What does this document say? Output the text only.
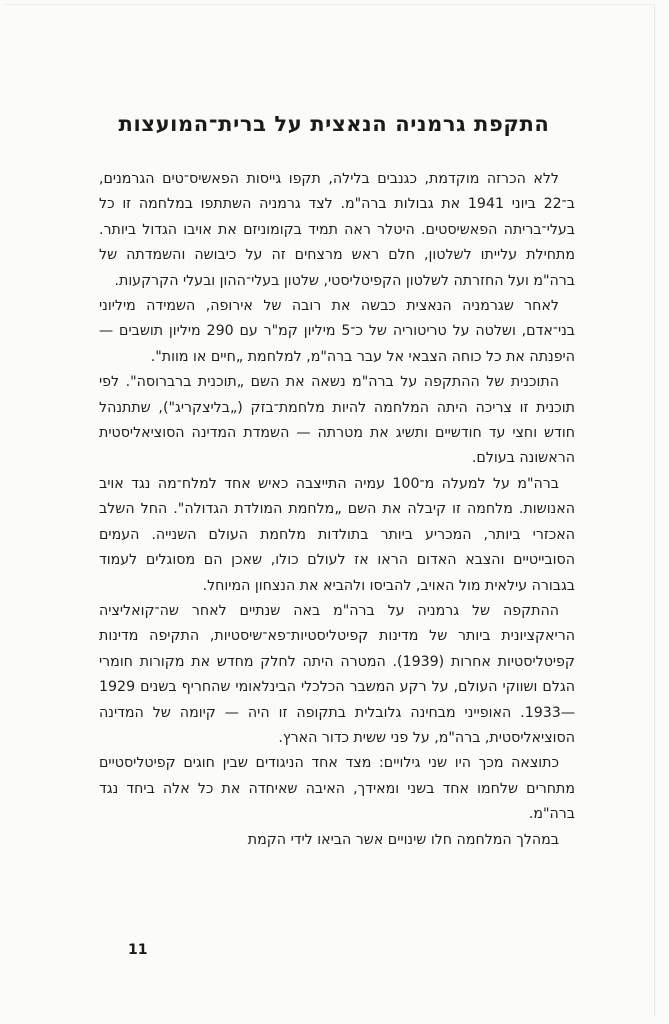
התקפת גרמניה הנאצית על ברית־המועצות

ללא הכרזה מוקדמת, כגנבים בלילה, תקפו גייסות הפאשיס־טים הגרמנים, ב־22 ביוני 1941 את גבולות ברה"מ. לצד גרמניה השתתפו במלחמה זו כל בעלי־בריתה הפאשיסטים. היטלר ראה תמיד בקומוניזם את אויבו הגדול ביותר. מתחילת עלייתו לשלטון, חלם ראש מרצחים זה על כיבושה והשמדתה של ברה"מ ועל החזרתה לשלטון הקפיטליסטי, שלטון בעלי־ההון ובעלי הקרקעות.

לאחר שגרמניה הנאצית כבשה את רובה של אירופה, השמידה מיליוני בני־אדם, ושלטה על טריטוריה של כ־5 מיליון קמ"ר עם 290 מיליון תושבים — היפנתה את כל כוחה הצבאי אל עבר ברה"מ, למלחמת „חיים או מוות".

התוכנית של ההתקפה על ברה"מ נשאה את השם „תוכנית ברברוסה". לפי תוכנית זו צריכה היתה המלחמה להיות מלחמת־בזק („בליצקריג"), שתתנהל חודש וחצי עד חודשיים ותשיג את מטרתה — השמדת המדינה הסוציאליסטית הראשונה בעולם.

ברה"מ על למעלה מ־100 עמיה התייצבה כאיש אחד למלח־מה נגד אויב האנושות. מלחמה זו קיבלה את השם „מלחמת המולדת הגדולה". החל השלב האכזרי ביותר, המכריע ביותר בתולדות מלחמת העולם השנייה. העמים הסובייטיים והצבא האדום הראו אז לעולם כולו, שאכן הם מסוגלים לעמוד בגבורה עילאית מול האויב, להביסו ולהביא את הנצחון המיוחל.

ההתקפה של גרמניה על ברה"מ באה שנתיים לאחר שה־קואליציה הריאקציונית ביותר של מדינות קפיטליסטיות־פא־שיסטיות, התקיפה מדינות קפיטליסטיות אחרות (1939). המטרה היתה לחלק מחדש את מקורות חומרי הגלם ושווקי העולם, על רקע המשבר הכלכלי הבינלאומי שהחריף בשנים 1929—1933. האופייני מבחינה גלובלית בתקופה זו היה — קיומה של המדינה הסוציאליסטית, ברה"מ, על פני ששית כדור הארץ.

כתוצאה מכך היו שני גילויים: מצד אחד הניגודים שבין חוגים קפיטליסטיים מתחרים שלחמו אחד בשני ומאידך, האיבה שאיחדה את כל אלה ביחד נגד ברה"מ.

במהלך המלחמה חלו שינויים אשר הביאו לידי הקמת

11
